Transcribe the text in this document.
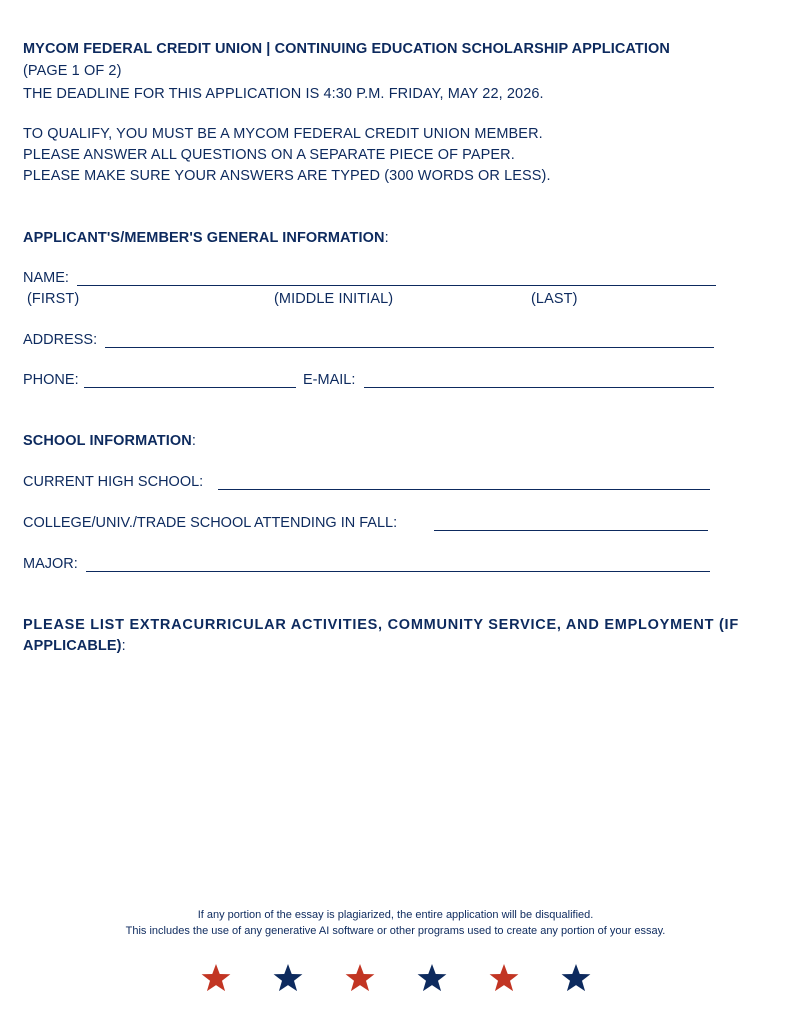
MYCOM FEDERAL CREDIT UNION | CONTINUING EDUCATION SCHOLARSHIP APPLICATION
(PAGE 1 OF 2)
THE DEADLINE FOR THIS APPLICATION IS 4:30 P.M. FRIDAY, MAY 22, 2026.
TO QUALIFY, YOU MUST BE A MYCOM FEDERAL CREDIT UNION MEMBER.
PLEASE ANSWER ALL QUESTIONS ON A SEPARATE PIECE OF PAPER.
PLEASE MAKE SURE YOUR ANSWERS ARE TYPED (300 WORDS OR LESS).
APPLICANT'S/MEMBER'S GENERAL INFORMATION:
NAME:
(FIRST)	(MIDDLE INITIAL)	(LAST)
ADDRESS:
PHONE:	E-MAIL:
SCHOOL INFORMATION:
CURRENT HIGH SCHOOL:
COLLEGE/UNIV./TRADE SCHOOL ATTENDING IN FALL:
MAJOR:
PLEASE LIST EXTRACURRICULAR ACTIVITIES, COMMUNITY SERVICE, AND EMPLOYMENT (IF
APPLICABLE):
If any portion of the essay is plagiarized, the entire application will be disqualified.
This includes the use of any generative AI software or other programs used to create any portion of your essay.
